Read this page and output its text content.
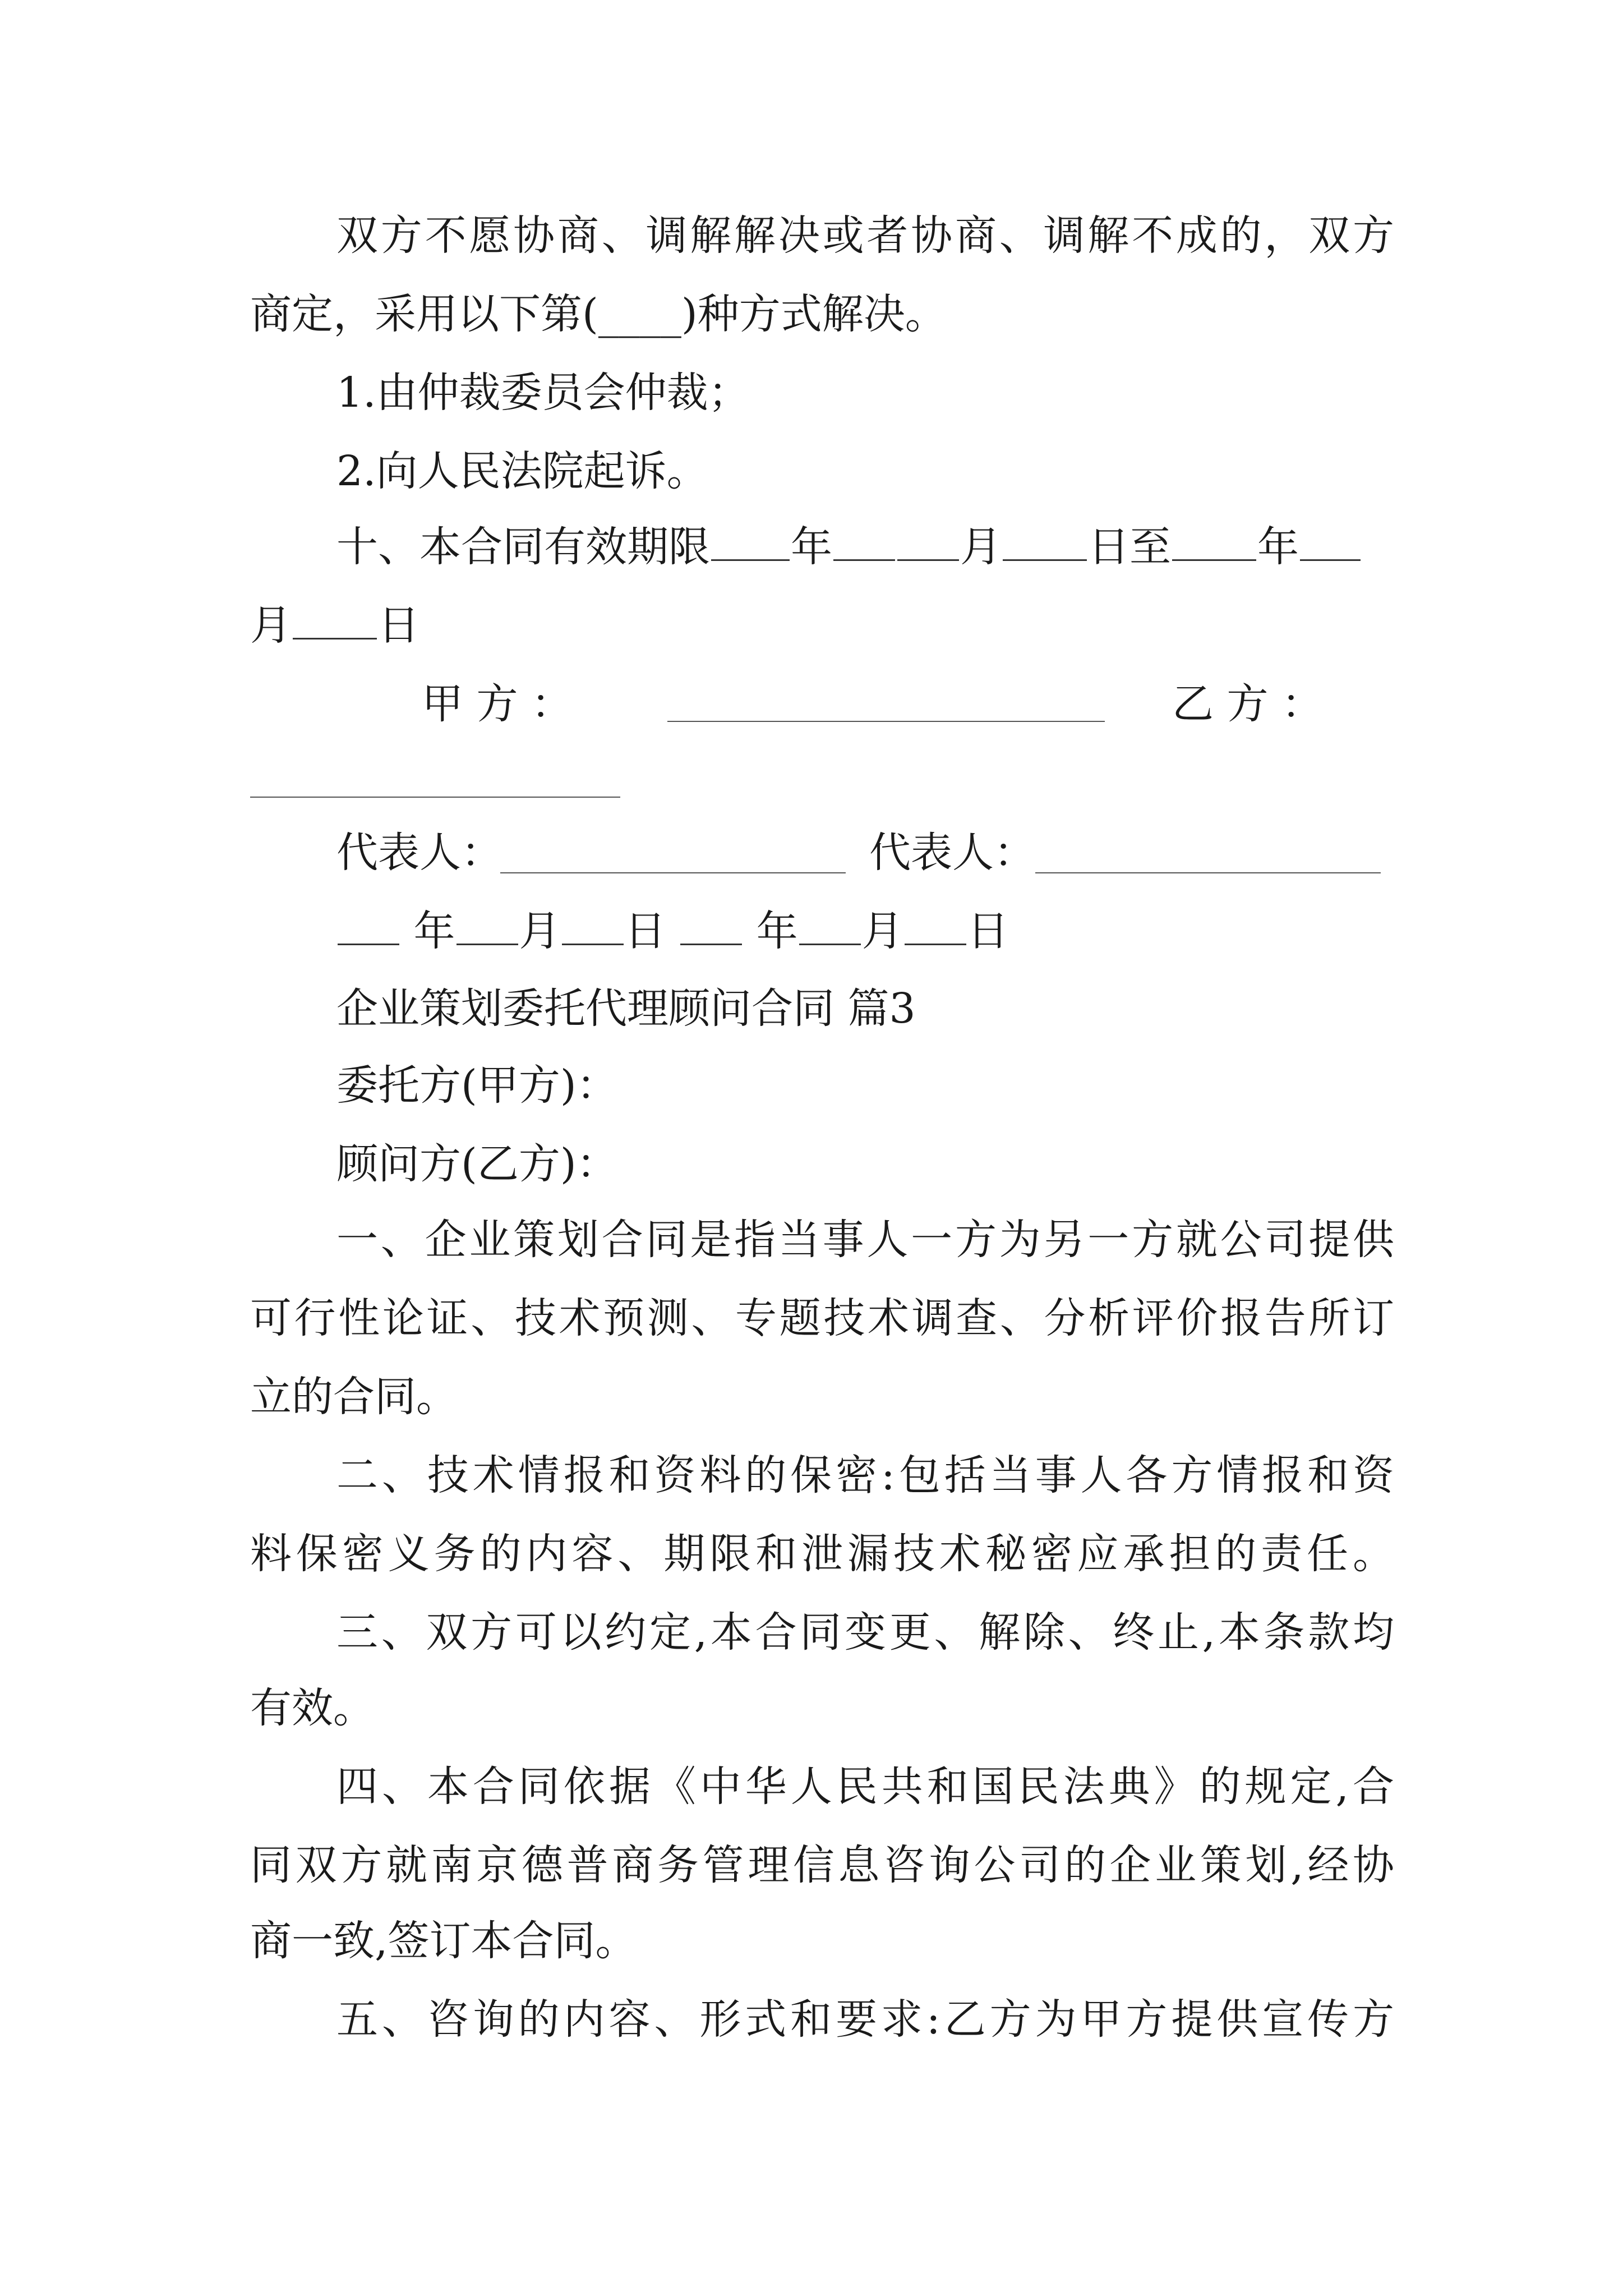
双方不愿协商、调解解决或者协商、调解不成的，双方
商定，采用以下第(____)种方式解决。
1.由仲裁委员会仲裁；
2.向人民法院起诉。
十、本合同有效期限 年	月 日至 年
月 日
甲 方 ：	乙 方 ：
代表人：	代表人：
年 月 日 年 月 日
企业策划委托代理顾问合同 篇3
委托方(甲方)：
顾问方(乙方)：
一、企业策划合同是指当事人一方为另一方就公司提供
可行性论证、技术预测、专题技术调查、分析评价报告所订
立的合同。
二、技术情报和资料的保密:包括当事人各方情报和资
料保密义务的内容、期限和泄漏技术秘密应承担的责任。
三、双方可以约定,本合同变更、解除、终止,本条款均
有效。
四、本合同依据《中华人民共和国民法典》的规定,合
同双方就南京德普商务管理信息咨询公司的企业策划,经协
商一致,签订本合同。
五、咨询的内容、形式和要求:乙方为甲方提供宣传方
